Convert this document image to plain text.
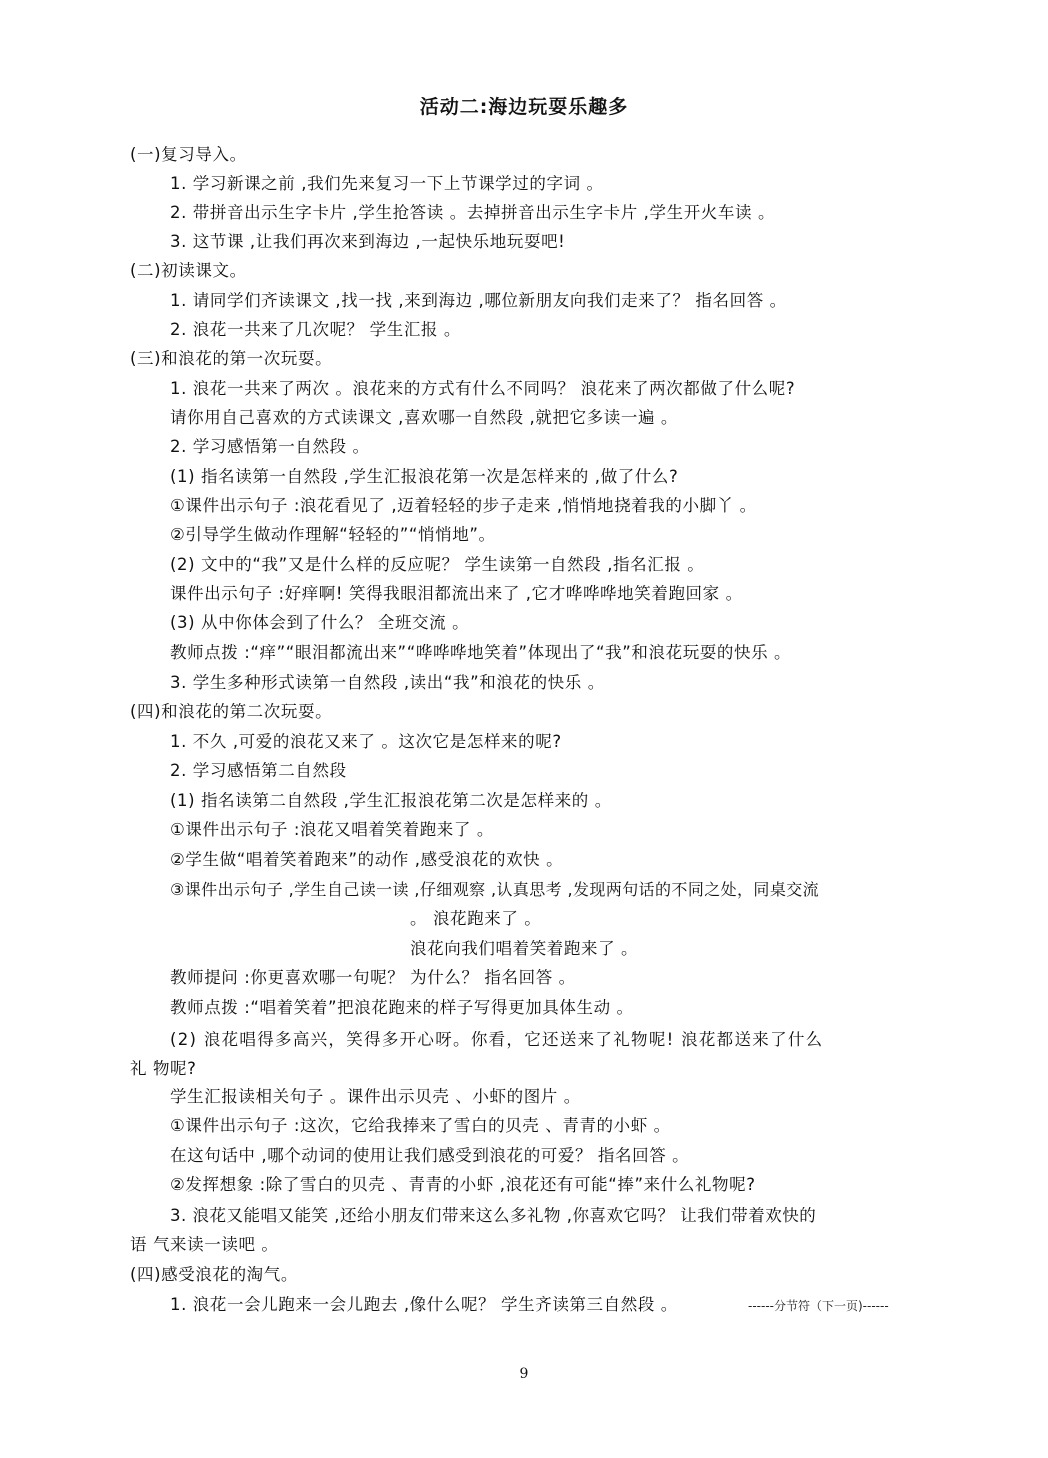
活动二:海边玩耍乐趣多
(一)复习导入。
1. 学习新课之前 ,我们先来复习一下上节课学过的字词 。
2. 带拼音出示生字卡片 ,学生抢答读 。去掉拼音出示生字卡片 ,学生开火车读 。
3. 这节课 ,让我们再次来到海边 ,一起快乐地玩耍吧!
(二)初读课文。
1. 请同学们齐读课文 ,找一找 ,来到海边 ,哪位新朋友向我们走来了？ 指名回答 。
2. 浪花一共来了几次呢？ 学生汇报 。
(三)和浪花的第一次玩耍。
1. 浪花一共来了两次 。浪花来的方式有什么不同吗？ 浪花来了两次都做了什么呢?
请你用自己喜欢的方式读课文 ,喜欢哪一自然段 ,就把它多读一遍 。
2. 学习感悟第一自然段 。
(1) 指名读第一自然段 ,学生汇报浪花第一次是怎样来的 ,做了什么?
①课件出示句子 :浪花看见了 ,迈着轻轻的步子走来 ,悄悄地挠着我的小脚丫 。
②引导学生做动作理解“轻轻的”“悄悄地”。
(2) 文中的“我”又是什么样的反应呢？ 学生读第一自然段 ,指名汇报 。
课件出示句子 :好痒啊! 笑得我眼泪都流出来了 ,它才哗哗哗地笑着跑回家 。
(3) 从中你体会到了什么？ 全班交流 。
教师点拨 :“痒”“眼泪都流出来”“哗哗哗地笑着”体现出了“我”和浪花玩耍的快乐 。
3. 学生多种形式读第一自然段 ,读出“我”和浪花的快乐 。
(四)和浪花的第二次玩耍。
1. 不久 ,可爱的浪花又来了 。这次它是怎样来的呢?
2. 学习感悟第二自然段
(1) 指名读第二自然段 ,学生汇报浪花第二次是怎样来的 。
①课件出示句子 :浪花又唱着笑着跑来了 。
②学生做“唱着笑着跑来”的动作 ,感受浪花的欢快 。
③课件出示句子 ,学生自己读一读 ,仔细观察 ,认真思考 ,发现两句话的不同之处，同桌交流
。 浪花跑来了 。
浪花向我们唱着笑着跑来了 。
教师提问 :你更喜欢哪一句呢？ 为什么？ 指名回答 。
教师点拨 :“唱着笑着”把浪花跑来的样子写得更加具体生动 。
(2) 浪花唱得多高兴，笑得多开心呀。你看，它还送来了礼物呢! 浪花都送来了什么
礼 物呢?
学生汇报读相关句子 。课件出示贝壳 、小虾的图片 。
①课件出示句子 :这次，它给我捧来了雪白的贝壳 、青青的小虾 。
在这句话中 ,哪个动词的使用让我们感受到浪花的可爱？ 指名回答 。
②发挥想象 :除了雪白的贝壳 、青青的小虾 ,浪花还有可能“捧”来什么礼物呢?
3. 浪花又能唱又能笑 ,还给小朋友们带来这么多礼物 ,你喜欢它吗？ 让我们带着欢快的
语 气来读一读吧 。
(四)感受浪花的淘气。
1. 浪花一会儿跑来一会儿跑去 ,像什么呢？ 学生齐读第三自然段 。	------分节符（下一页)------
9
